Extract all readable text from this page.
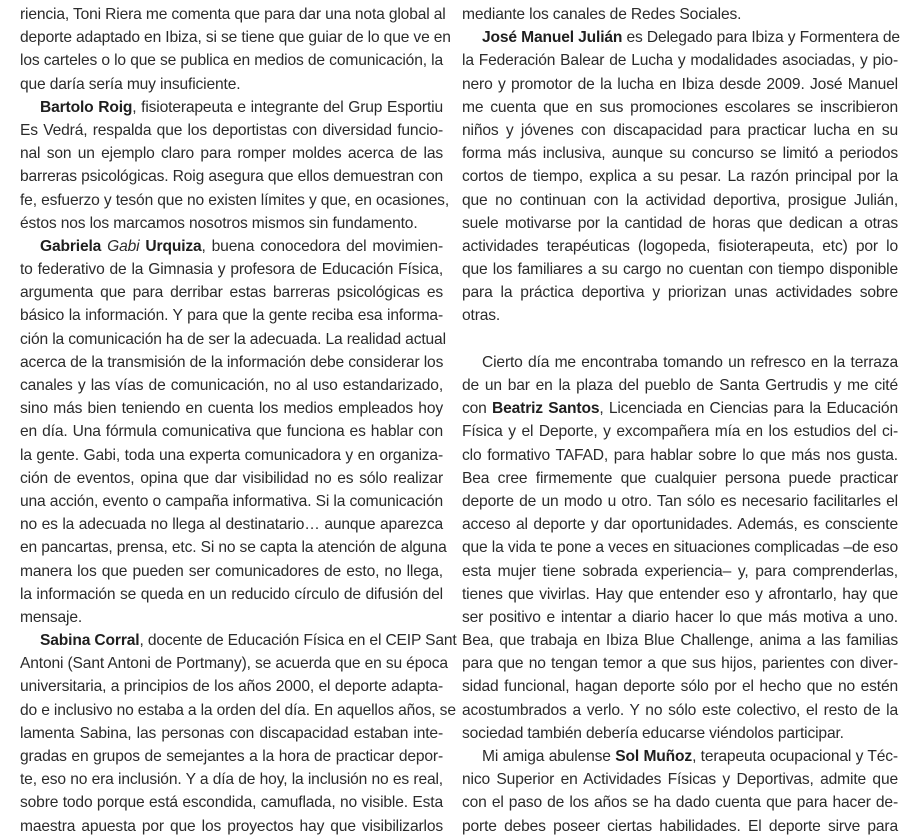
riencia, Toni Riera me comenta que para dar una nota global al
deporte adaptado en Ibiza, si se tiene que guiar de lo que ve en
los carteles o lo que se publica en medios de comunicación, la
que daría sería muy insuficiente.
Bartolo Roig, fisioterapeuta e integrante del Grup Esportiu
Es Vedrá, respalda que los deportistas con diversidad funcio-
nal son un ejemplo claro para romper moldes acerca de las
barreras psicológicas. Roig asegura que ellos demuestran con
fe, esfuerzo y tesón que no existen límites y que, en ocasiones,
éstos nos los marcamos nosotros mismos sin fundamento.
Gabriela Gabi Urquiza, buena conocedora del movimien-
to federativo de la Gimnasia y profesora de Educación Física,
argumenta que para derribar estas barreras psicológicas es
básico la información. Y para que la gente reciba esa informa-
ción la comunicación ha de ser la adecuada. La realidad actual
acerca de la transmisión de la información debe considerar los
canales y las vías de comunicación, no al uso estandarizado,
sino más bien teniendo en cuenta los medios empleados hoy
en día. Una fórmula comunicativa que funciona es hablar con
la gente. Gabi, toda una experta comunicadora y en organiza-
ción de eventos, opina que dar visibilidad no es sólo realizar
una acción, evento o campaña informativa. Si la comunicación
no es la adecuada no llega al destinatario… aunque aparezca
en pancartas, prensa, etc. Si no se capta la atención de alguna
manera los que pueden ser comunicadores de esto, no llega,
la información se queda en un reducido círculo de difusión del
mensaje.
Sabina Corral, docente de Educación Física en el CEIP Sant
Antoni (Sant Antoni de Portmany), se acuerda que en su época
universitaria, a principios de los años 2000, el deporte adapta-
do e inclusivo no estaba a la orden del día. En aquellos años, se
lamenta Sabina, las personas con discapacidad estaban inte-
gradas en grupos de semejantes a la hora de practicar depor-
te, eso no era inclusión. Y a día de hoy, la inclusión no es real,
sobre todo porque está escondida, camuflada, no visible. Esta
maestra apuesta por que los proyectos hay que visibilizarlos
mediante los canales de Redes Sociales.
José Manuel Julián es Delegado para Ibiza y Formentera de
la Federación Balear de Lucha y modalidades asociadas, y pio-
nero y promotor de la lucha en Ibiza desde 2009. José Manuel
me cuenta que en sus promociones escolares se inscribieron
niños y jóvenes con discapacidad para practicar lucha en su
forma más inclusiva, aunque su concurso se limitó a periodos
cortos de tiempo, explica a su pesar. La razón principal por la
que no continuan con la actividad deportiva, prosigue Julián,
suele motivarse por la cantidad de horas que dedican a otras
actividades terapéuticas (logopeda, fisioterapeuta, etc) por lo
que los familiares a su cargo no cuentan con tiempo disponible
para la práctica deportiva y priorizan unas actividades sobre
otras.
Cierto día me encontraba tomando un refresco en la terraza
de un bar en la plaza del pueblo de Santa Gertrudis y me cité
con Beatriz Santos, Licenciada en Ciencias para la Educación
Física y el Deporte, y excompañera mía en los estudios del ci-
clo formativo TAFAD, para hablar sobre lo que más nos gusta.
Bea cree firmemente que cualquier persona puede practicar
deporte de un modo u otro. Tan sólo es necesario facilitarles el
acceso al deporte y dar oportunidades. Además, es consciente
que la vida te pone a veces en situaciones complicadas –de eso
esta mujer tiene sobrada experiencia– y, para comprenderlas,
tienes que vivirlas. Hay que entender eso y afrontarlo, hay que
ser positivo e intentar a diario hacer lo que más motiva a uno.
Bea, que trabaja en Ibiza Blue Challenge, anima a las familias
para que no tengan temor a que sus hijos, parientes con diver-
sidad funcional, hagan deporte sólo por el hecho que no estén
acostumbrados a verlo. Y no sólo este colectivo, el resto de la
sociedad también debería educarse viéndolos participar.
Mi amiga abulense Sol Muñoz, terapeuta ocupacional y Téc-
nico Superior en Actividades Físicas y Deportivas, admite que
con el paso de los años se ha dado cuenta que para hacer de-
porte debes poseer ciertas habilidades. El deporte sirve para
